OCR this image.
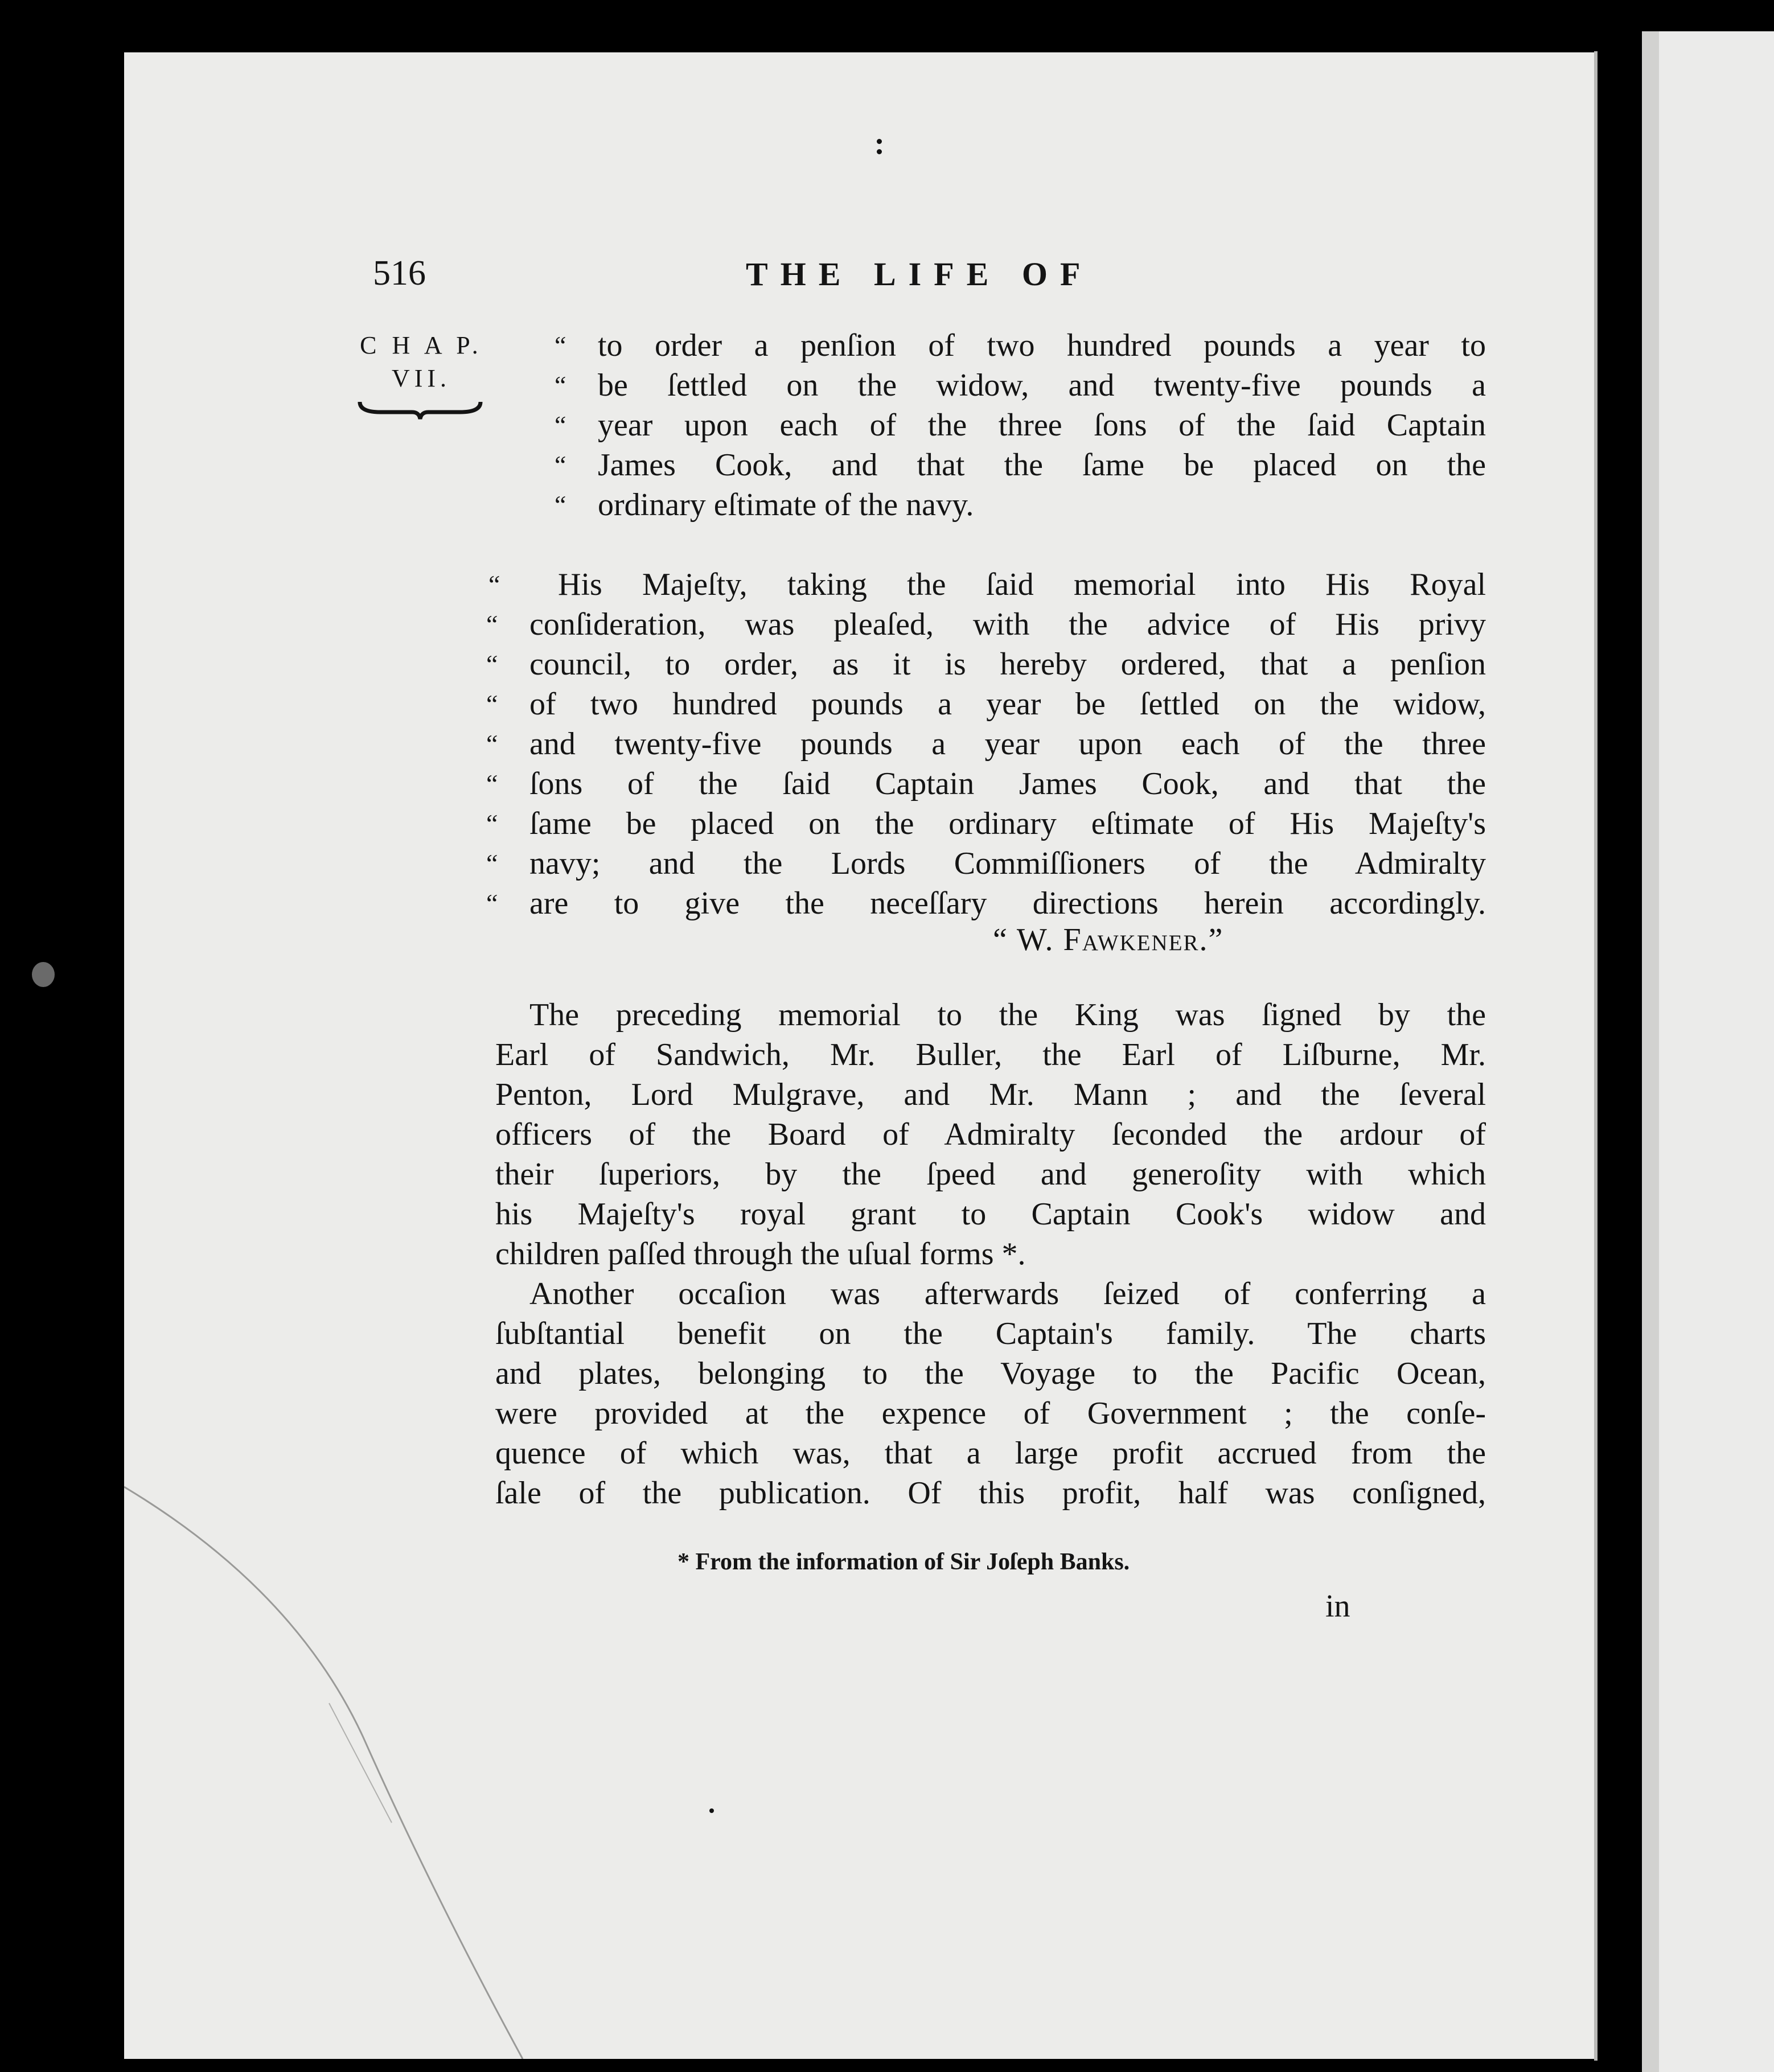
516	THE LIFE OF
C H A P.
VII.
“
“
“
“
“
to order a penſion of two hundred pounds a year to
be ſettled on the widow, and twenty-five pounds a
year upon each of the three ſons of the ſaid Captain
James Cook, and that the ſame be placed on the
ordinary eſtimate of the navy.
“
“
“
“
“
“
“
“
“
His Majeſty, taking the ſaid memorial into His Royal
conſideration, was pleaſed, with the advice of His privy
council, to order, as it is hereby ordered, that a penſion
of two hundred pounds a year be ſettled on the widow,
and twenty-five pounds a year upon each of the three
ſons of the ſaid Captain James Cook, and that the
ſame be placed on the ordinary eſtimate of His Majeſty's
navy; and the Lords Commiſſioners of the Admiralty
are to give the neceſſary directions herein accordingly.
“ W. Fawkener.”
The preceding memorial to the King was ſigned by the
Earl of Sandwich, Mr. Buller, the Earl of Liſburne, Mr.
Penton, Lord Mulgrave, and Mr. Mann ; and the ſeveral
officers of the Board of Admiralty ſeconded the ardour of
their ſuperiors, by the ſpeed and generoſity with which
his Majeſty's royal grant to Captain Cook's widow and
children paſſed through the uſual forms *.
Another occaſion was afterwards ſeized of conferring a
ſubſtantial benefit on the Captain's family. The charts
and plates, belonging to the Voyage to the Pacific Ocean,
were provided at the expence of Government ; the conſe-
quence of which was, that a large profit accrued from the
ſale of the publication. Of this profit, half was conſigned,
* From the information of Sir Joſeph Banks.
in
